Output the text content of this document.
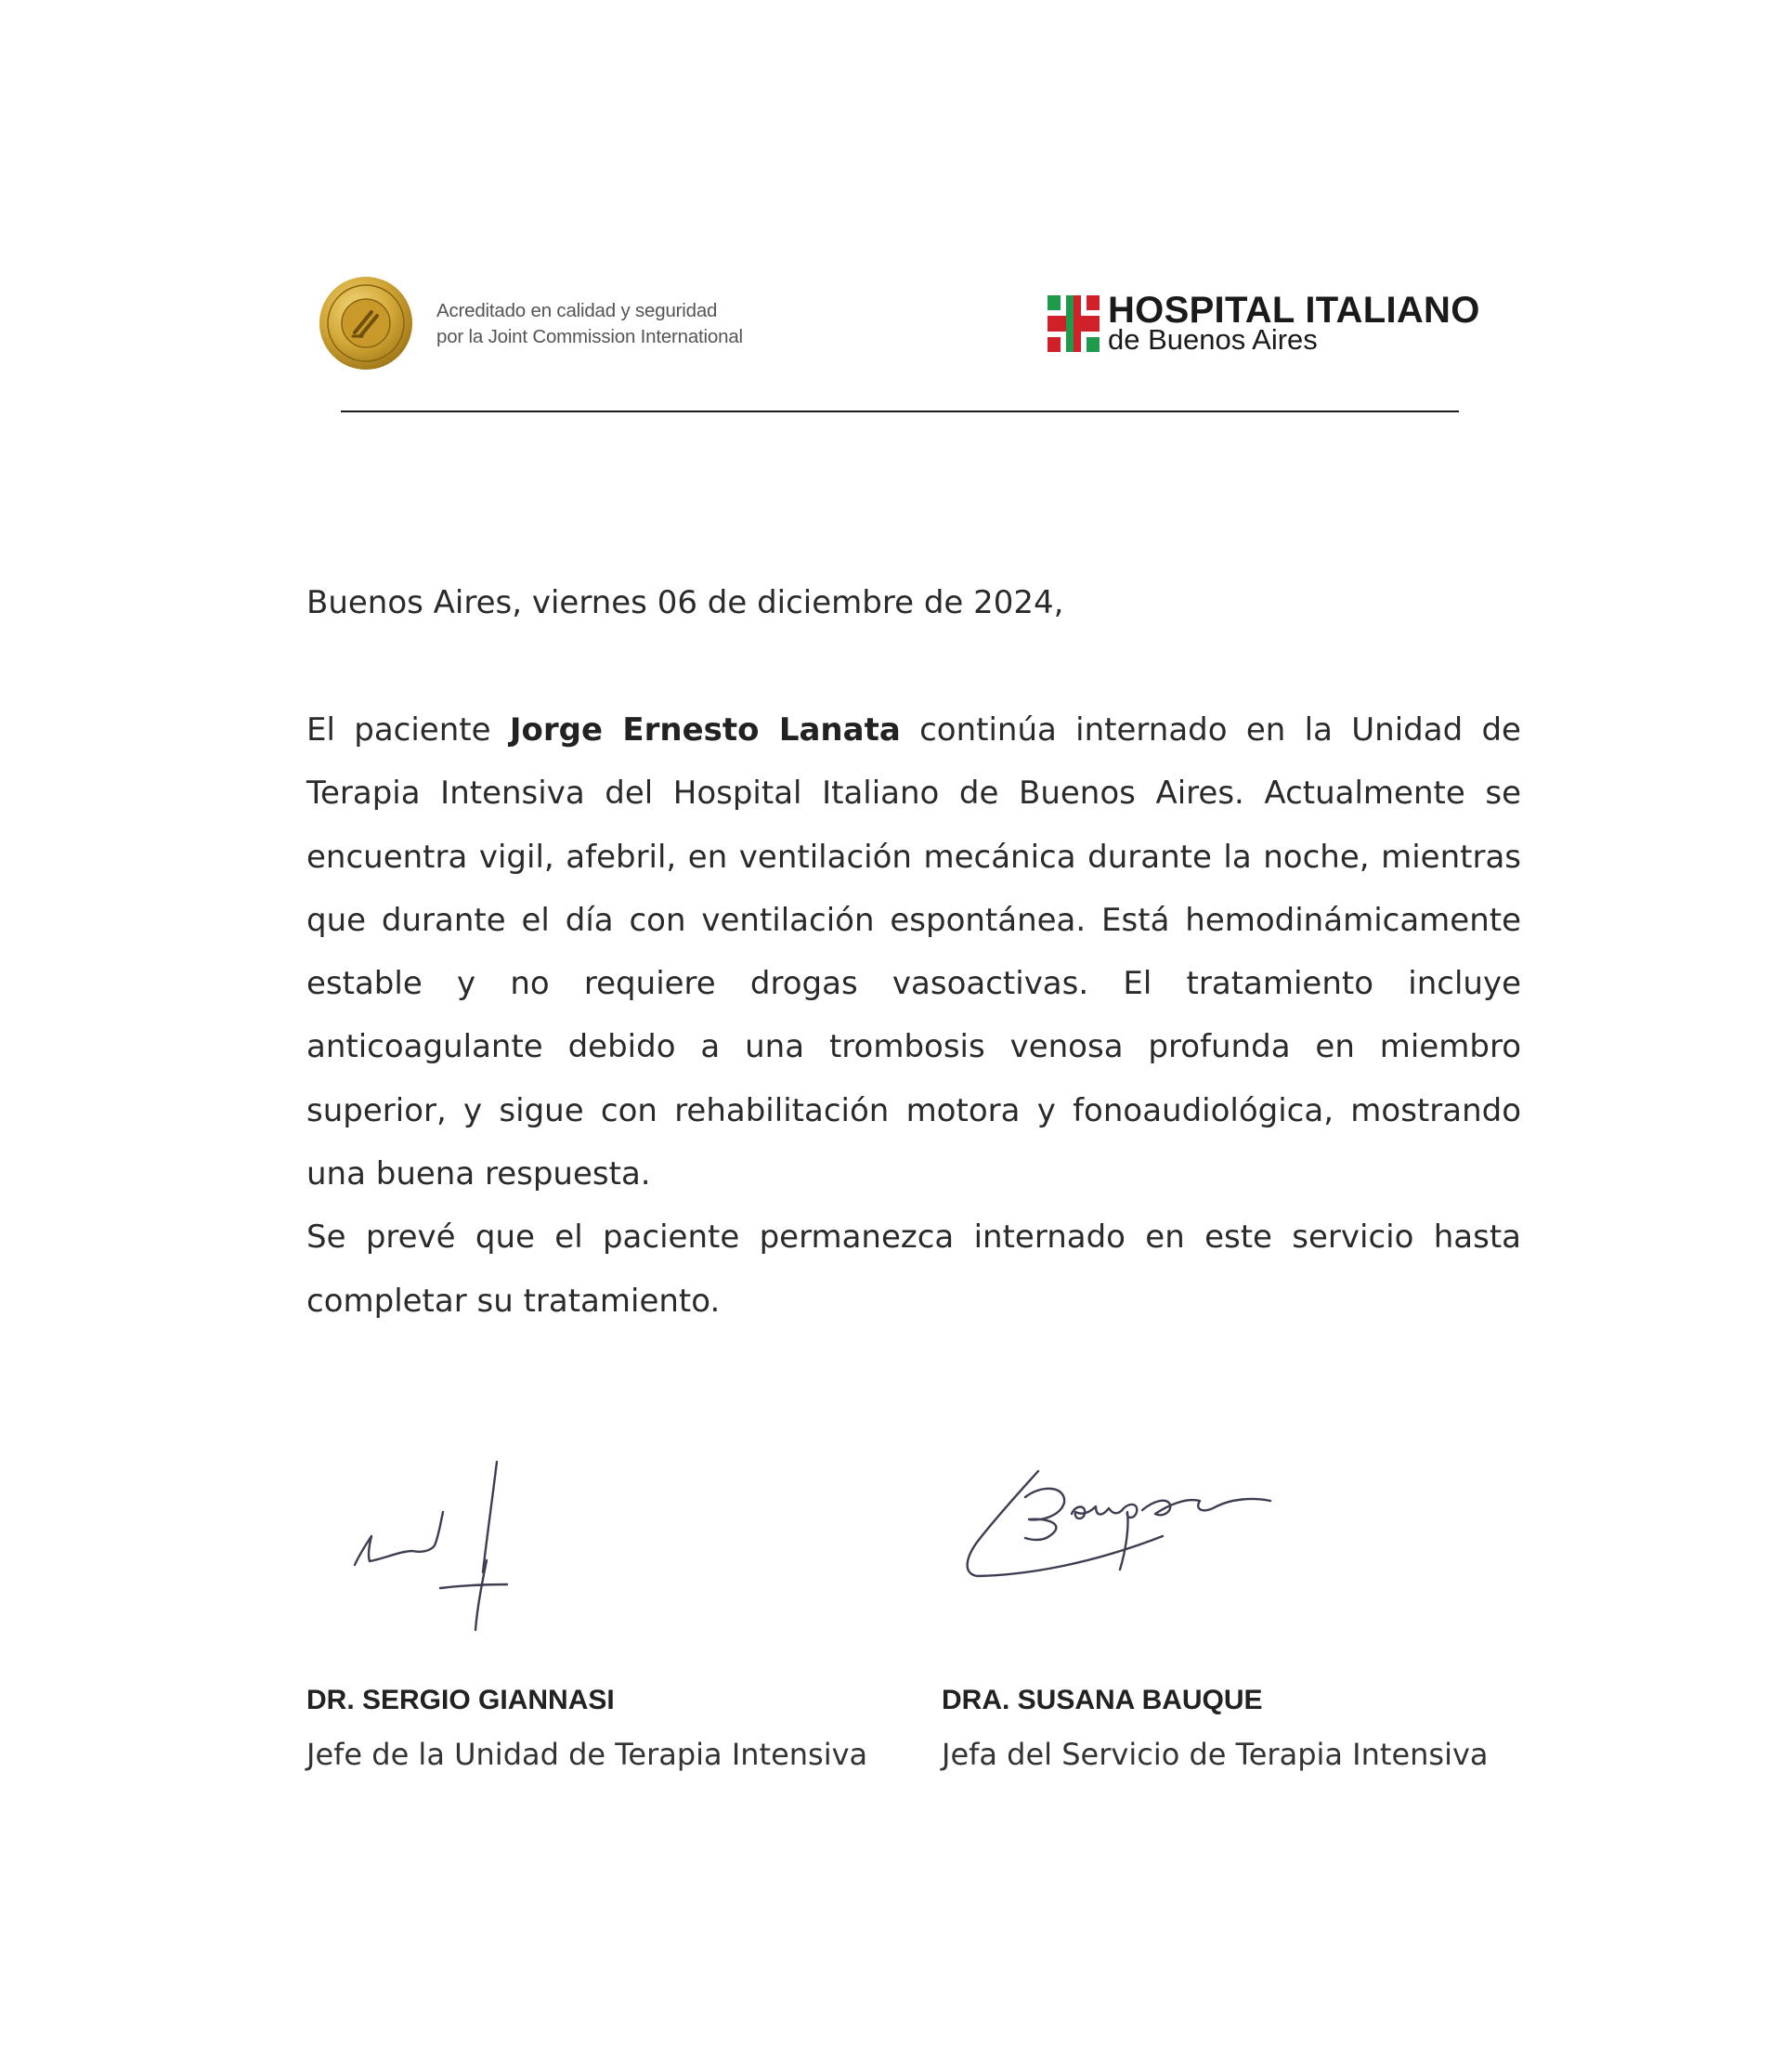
Acreditado en calidad y seguridad
por la Joint Commission International
HOSPITAL ITALIANO
de Buenos Aires
Buenos Aires, viernes 06 de diciembre de 2024,

El paciente Jorge Ernesto Lanata continúa internado en la Unidad de Terapia Intensiva del Hospital Italiano de Buenos Aires. Actualmente se encuentra vigil, afebril, en ventilación mecánica durante la noche, mientras que durante el día con ventilación espontánea. Está hemodinámicamente estable y no requiere drogas vasoactivas. El tratamiento incluye anticoagulante debido a una trombosis venosa profunda en miembro superior, y sigue con rehabilitación motora y fonoaudiológica, mostrando una buena respuesta.

Se prevé que el paciente permanezca internado en este servicio hasta completar su tratamiento.

DR. SERGIO GIANNASI
Jefe de la Unidad de Terapia Intensiva
DRA. SUSANA BAUQUE
Jefa del Servicio de Terapia Intensiva
